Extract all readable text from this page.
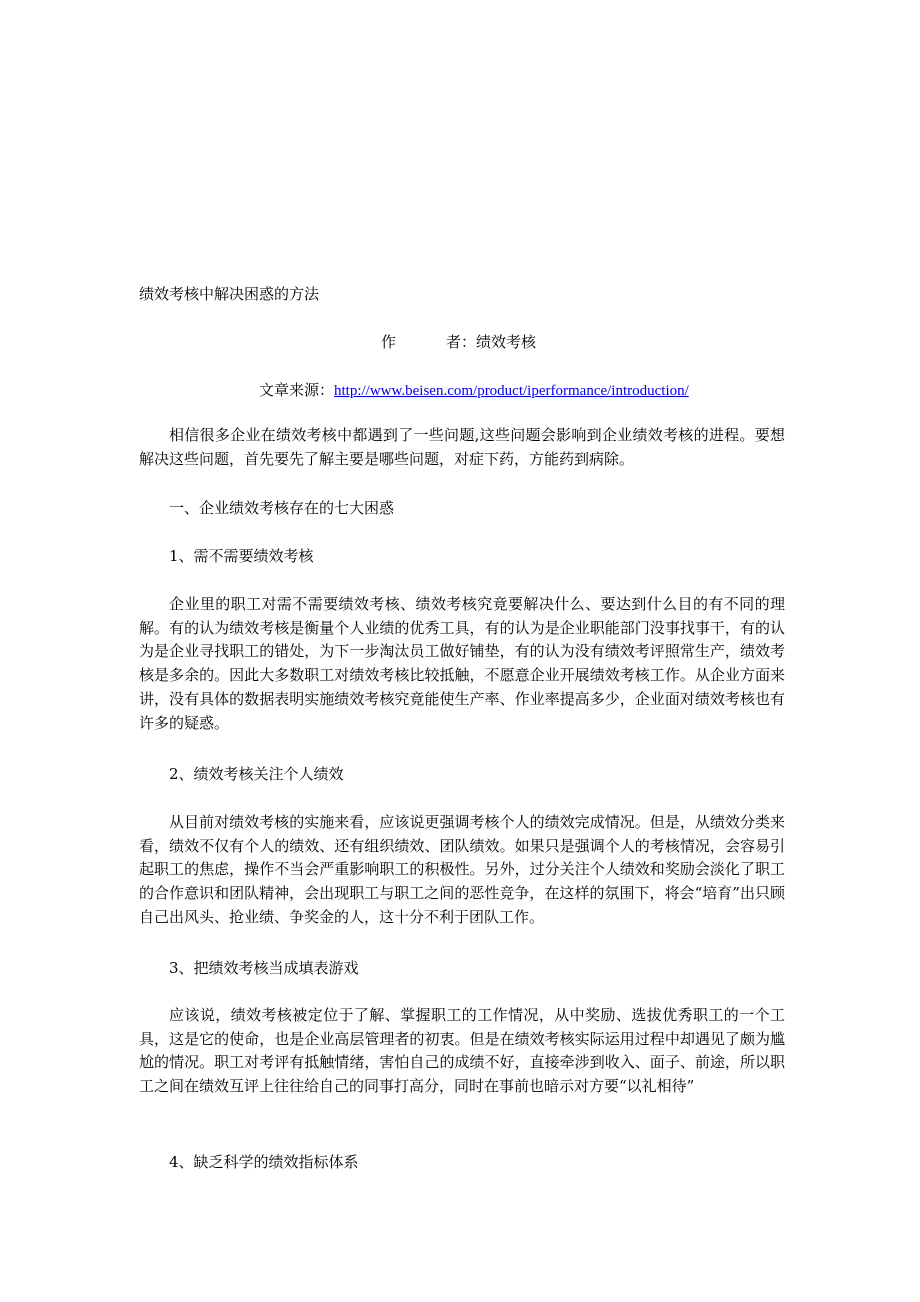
绩效考核中解决困惑的方法
作	者：绩效考核
文章来源：http://www.beisen.com/product/iperformance/introduction/

相信很多企业在绩效考核中都遇到了一些问题,这些问题会影响到企业绩效考核的进程。要想解决这些问题，首先要先了解主要是哪些问题，对症下药，方能药到病除。

一、企业绩效考核存在的七大困惑

1、需不需要绩效考核

企业里的职工对需不需要绩效考核、绩效考核究竟要解决什么、要达到什么目的有不同的理解。有的认为绩效考核是衡量个人业绩的优秀工具，有的认为是企业职能部门没事找事干，有的认为是企业寻找职工的错处，为下一步淘汰员工做好铺垫，有的认为没有绩效考评照常生产，绩效考核是多余的。因此大多数职工对绩效考核比较抵触，不愿意企业开展绩效考核工作。从企业方面来讲，没有具体的数据表明实施绩效考核究竟能使生产率、作业率提高多少，企业面对绩效考核也有许多的疑惑。

2、绩效考核关注个人绩效

从目前对绩效考核的实施来看，应该说更强调考核个人的绩效完成情况。但是，从绩效分类来看，绩效不仅有个人的绩效、还有组织绩效、团队绩效。如果只是强调个人的考核情况，会容易引起职工的焦虑，操作不当会严重影响职工的积极性。另外，过分关注个人绩效和奖励会淡化了职工的合作意识和团队精神，会出现职工与职工之间的恶性竞争，在这样的氛围下，将会“培育”出只顾自己出风头、抢业绩、争奖金的人，这十分不利于团队工作。

3、把绩效考核当成填表游戏

应该说，绩效考核被定位于了解、掌握职工的工作情况，从中奖励、选拔优秀职工的一个工具，这是它的使命，也是企业高层管理者的初衷。但是在绩效考核实际运用过程中却遇见了颇为尴尬的情况。职工对考评有抵触情绪，害怕自己的成绩不好，直接牵涉到收入、面子、前途，所以职工之间在绩效互评上往往给自己的同事打高分，同时在事前也暗示对方要“以礼相待”

4、缺乏科学的绩效指标体系
